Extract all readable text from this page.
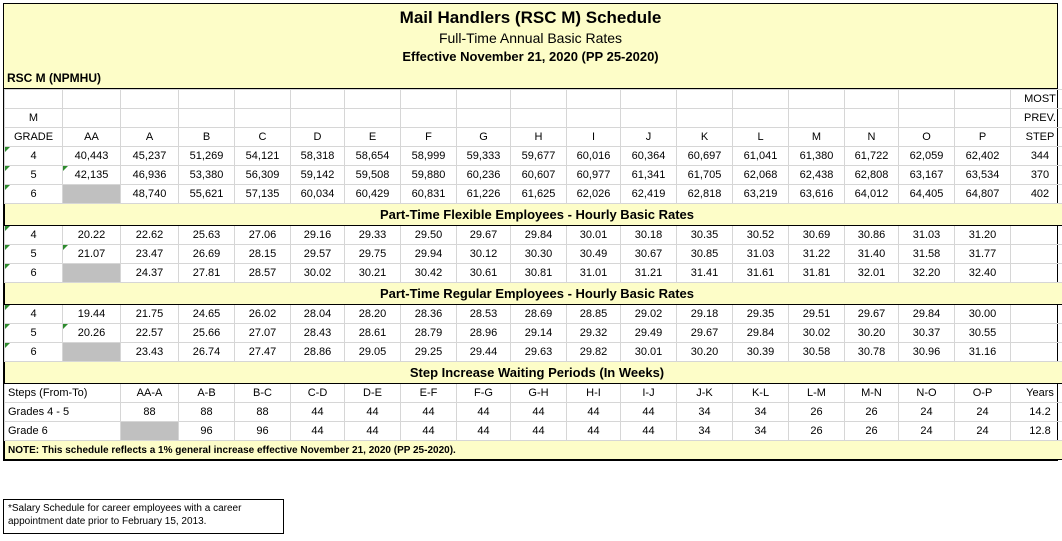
Mail Handlers (RSC M) Schedule
Full-Time Annual Basic Rates
Effective November 21, 2020 (PP 25-2020)
RSC M (NPMHU)
																		MOST
M																		PREV.
GRADE	AA	A	B	C	D	E	F	G	H	I	J	K	L	M	N	O	P	STEP
4	40,443	45,237	51,269	54,121	58,318	58,654	58,999	59,333	59,677	60,016	60,364	60,697	61,041	61,380	61,722	62,059	62,402	344
5	42,135	46,936	53,380	56,309	59,142	59,508	59,880	60,236	60,607	60,977	61,341	61,705	62,068	62,438	62,808	63,167	63,534	370
6		48,740	55,621	57,135	60,034	60,429	60,831	61,226	61,625	62,026	62,419	62,818	63,219	63,616	64,012	64,405	64,807	402
Part-Time Flexible Employees - Hourly Basic Rates																		
4	20.22	22.62	25.63	27.06	29.16	29.33	29.50	29.67	29.84	30.01	30.18	30.35	30.52	30.69	30.86	31.03	31.20	
5	21.07	23.47	26.69	28.15	29.57	29.75	29.94	30.12	30.30	30.49	30.67	30.85	31.03	31.22	31.40	31.58	31.77	
6		24.37	27.81	28.57	30.02	30.21	30.42	30.61	30.81	31.01	31.21	31.41	31.61	31.81	32.01	32.20	32.40	
Part-Time Regular Employees - Hourly Basic Rates																		
4	19.44	21.75	24.65	26.02	28.04	28.20	28.36	28.53	28.69	28.85	29.02	29.18	29.35	29.51	29.67	29.84	30.00	
5	20.26	22.57	25.66	27.07	28.43	28.61	28.79	28.96	29.14	29.32	29.49	29.67	29.84	30.02	30.20	30.37	30.55	
6		23.43	26.74	27.47	28.86	29.05	29.25	29.44	29.63	29.82	30.01	30.20	30.39	30.58	30.78	30.96	31.16	
Step Increase Waiting Periods (In Weeks)																		
Steps (From-To)		AA-A	A-B	B-C	C-D	D-E	E-F	F-G	G-H	H-I	I-J	J-K	K-L	L-M	M-N	N-O	O-P	Years
Grades 4 - 5		88	88	88	44	44	44	44	44	44	44	34	34	26	26	24	24	14.2
Grade 6			96	96	44	44	44	44	44	44	44	34	34	26	26	24	24	12.8
NOTE: This schedule reflects a 1% general increase effective November 21, 2020 (PP 25-2020).																		
*Salary Schedule for career employees with a career appointment date prior to February 15, 2013.
